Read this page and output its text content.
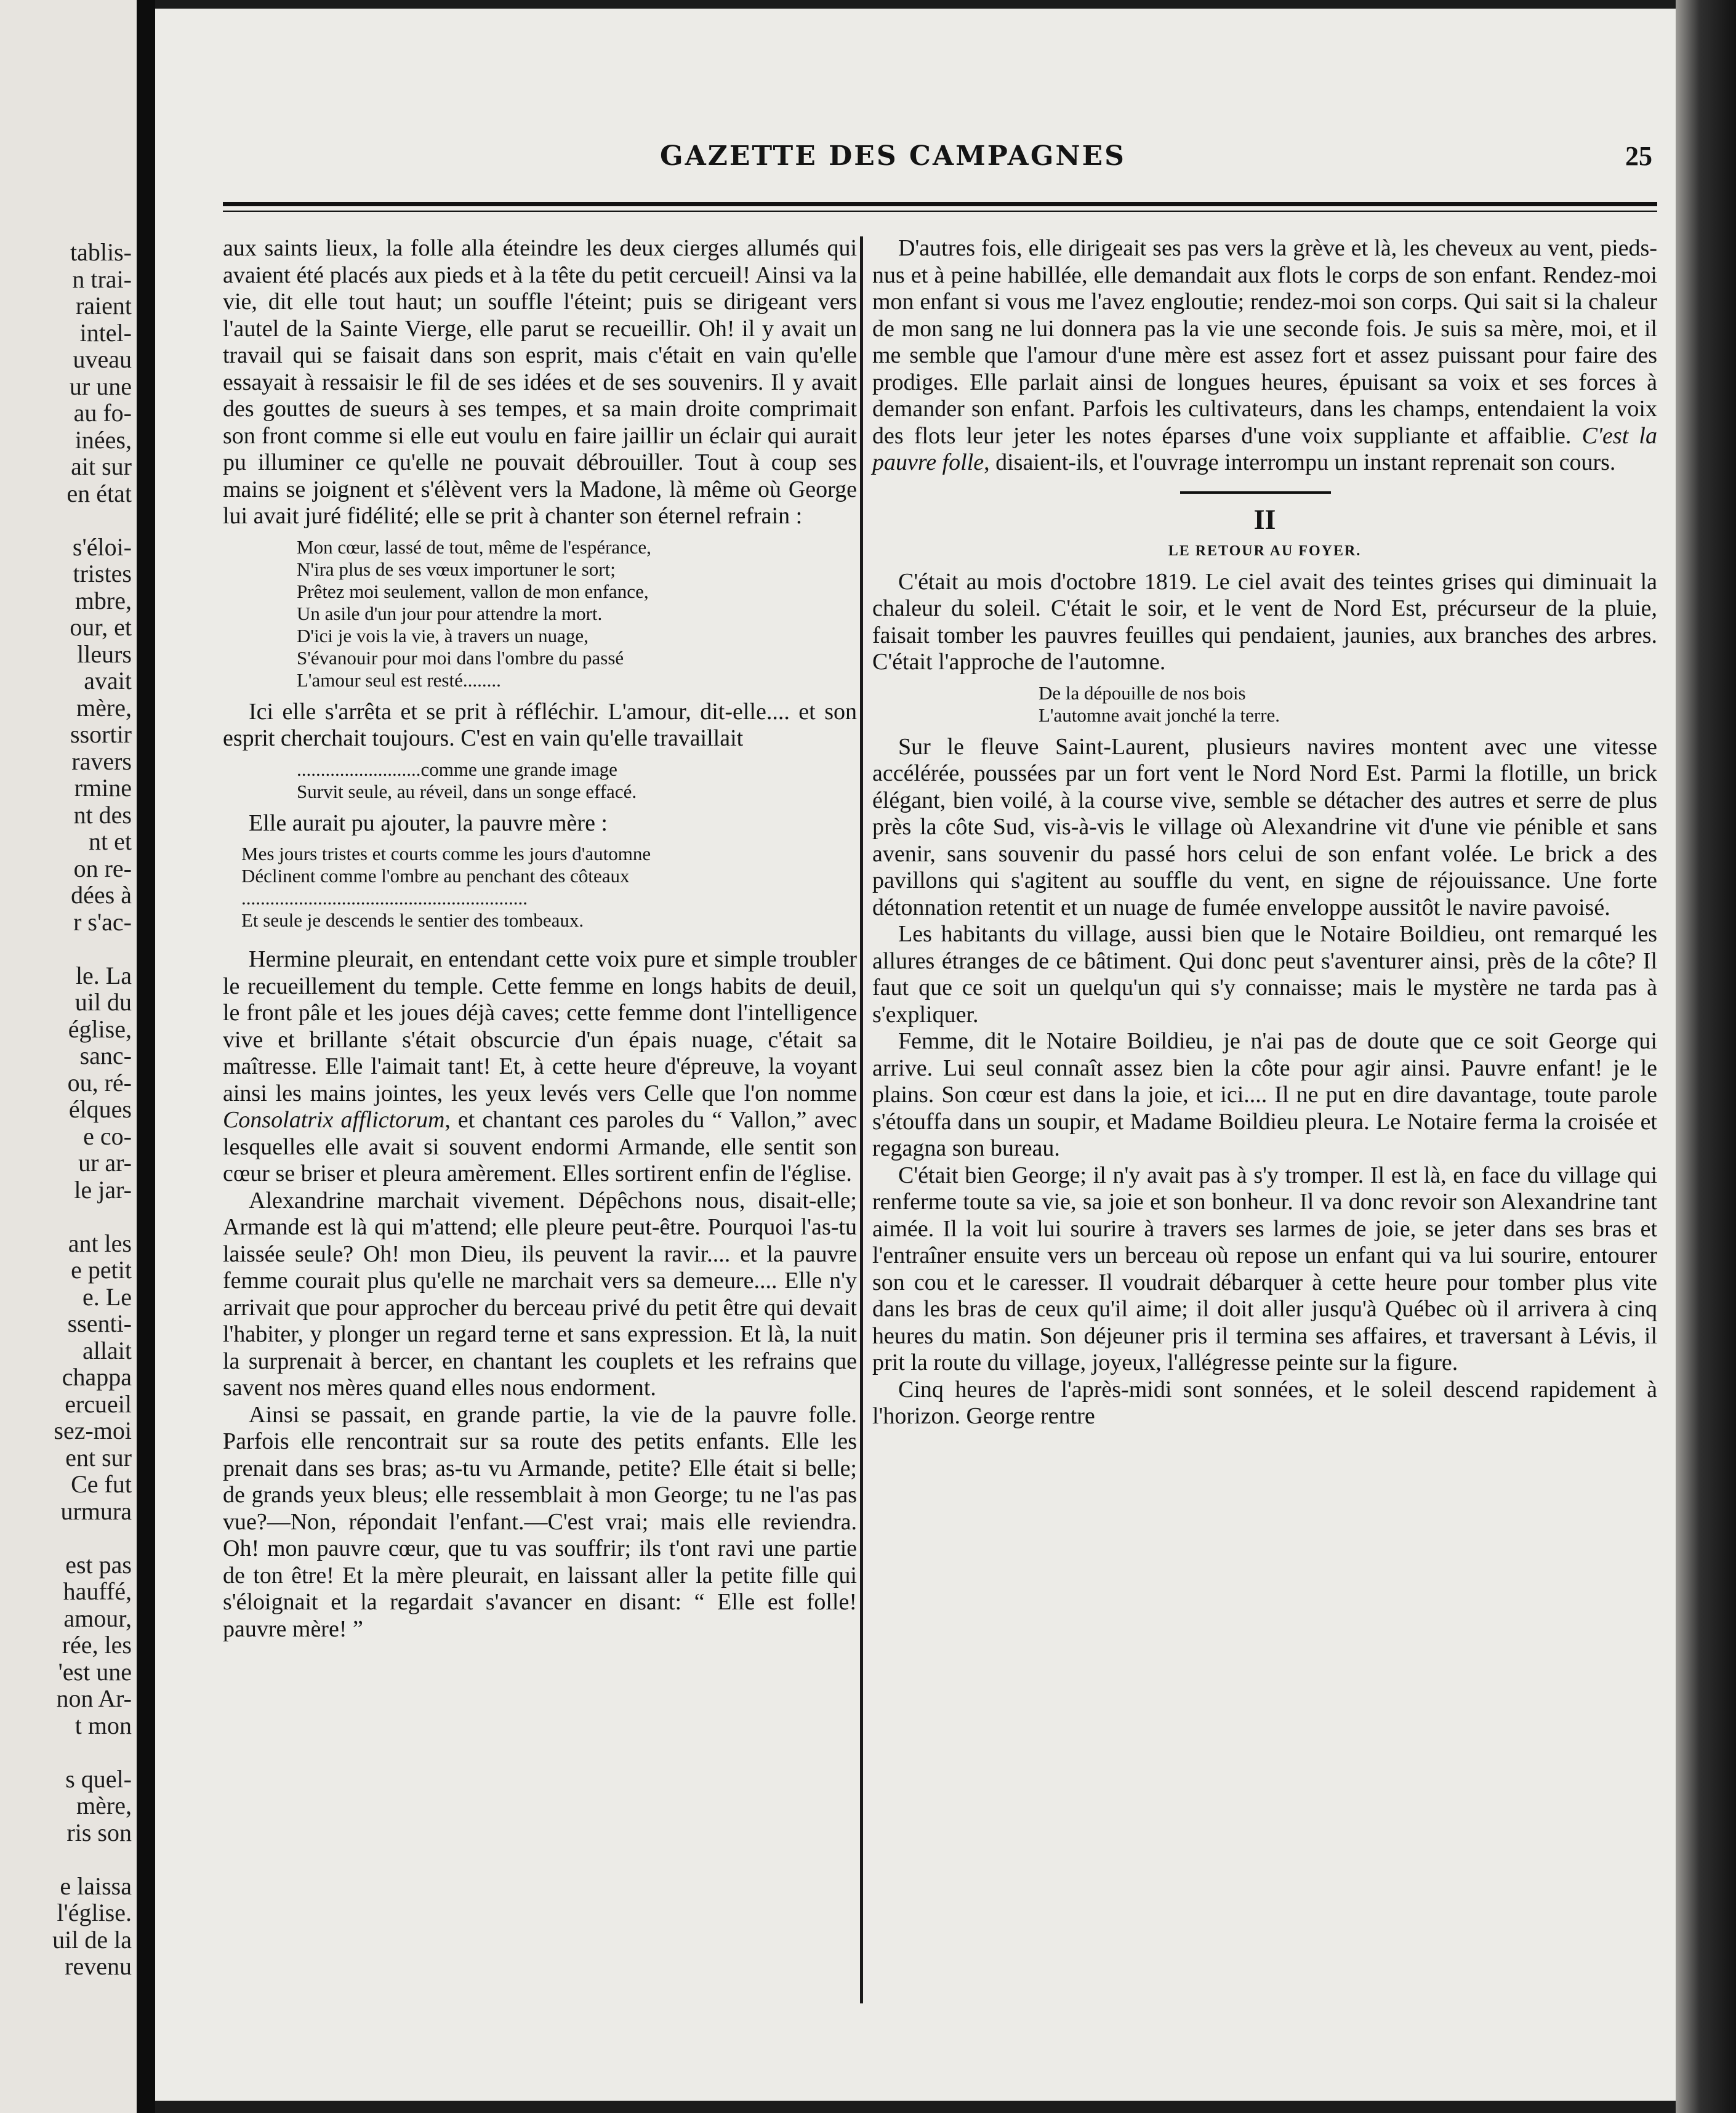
tablis-
n trai-
raient
intel-
uveau
ur une
au fo-
inées,
ait sur
en état
s'éloi-
tristes
mbre,
our, et
lleurs
avait
mère,
ssortir
ravers
rmine
nt des
nt et
on re-
dées à
r s'ac-
le. La
uil du
église,
sanc-
ou, ré-
élques
e co-
ur ar-
le jar-
ant les
e petit
e. Le
ssenti-
allait
chappa
ercueil
sez-moi
ent sur
Ce fut
urmura
est pas
hauffé,
amour,
rée, les
'est une
non Ar-
t mon
s quel-
mère,
ris son
e laissa
l'église.
uil de la
revenu
GAZETTE DES CAMPAGNES	25

aux saints lieux, la folle alla éteindre les deux cierges allumés qui avaient été placés aux pieds et à la tête du petit cercueil! Ainsi va la vie, dit elle tout haut; un souffle l'éteint; puis se dirigeant vers l'autel de la Sainte Vierge, elle parut se recueillir. Oh! il y avait un travail qui se faisait dans son esprit, mais c'était en vain qu'elle essayait à ressaisir le fil de ses idées et de ses souvenirs. Il y avait des gouttes de sueurs à ses tempes, et sa main droite comprimait son front comme si elle eut voulu en faire jaillir un éclair qui aurait pu illuminer ce qu'elle ne pouvait débrouiller. Tout à coup ses mains se joignent et s'élèvent vers la Madone, là même où George lui avait juré fidélité; elle se prit à chanter son éternel refrain :

Mon cœur, lassé de tout, même de l'espérance,
N'ira plus de ses vœux importuner le sort;
Prêtez moi seulement, vallon de mon enfance,
Un asile d'un jour pour attendre la mort.
D'ici je vois la vie, à travers un nuage,
S'évanouir pour moi dans l'ombre du passé
L'amour seul est resté........

Ici elle s'arrêta et se prit à réfléchir. L'amour, dit-elle.... et son esprit cherchait toujours. C'est en vain qu'elle travaillait

..........................comme une grande image
Survit seule, au réveil, dans un songe effacé.

Elle aurait pu ajouter, la pauvre mère :

Mes jours tristes et courts comme les jours d'automne
Déclinent comme l'ombre au penchant des côteaux
............................................................
Et seule je descends le sentier des tombeaux.

Hermine pleurait, en entendant cette voix pure et simple troubler le recueillement du temple. Cette femme en longs habits de deuil, le front pâle et les joues déjà caves; cette femme dont l'intelligence vive et brillante s'était obscurcie d'un épais nuage, c'était sa maîtresse. Elle l'aimait tant! Et, à cette heure d'épreuve, la voyant ainsi les mains jointes, les yeux levés vers Celle que l'on nomme Consolatrix afflictorum, et chantant ces paroles du “ Vallon,” avec lesquelles elle avait si souvent endormi Armande, elle sentit son cœur se briser et pleura amèrement. Elles sortirent enfin de l'église.

Alexandrine marchait vivement. Dépêchons nous, disait-elle; Armande est là qui m'attend; elle pleure peut-être. Pourquoi l'as-tu laissée seule? Oh! mon Dieu, ils peuvent la ravir.... et la pauvre femme courait plus qu'elle ne marchait vers sa demeure.... Elle n'y arrivait que pour approcher du berceau privé du petit être qui devait l'habiter, y plonger un regard terne et sans expression. Et là, la nuit la surprenait à bercer, en chantant les couplets et les refrains que savent nos mères quand elles nous endorment.

Ainsi se passait, en grande partie, la vie de la pauvre folle. Parfois elle rencontrait sur sa route des petits enfants. Elle les prenait dans ses bras; as-tu vu Armande, petite? Elle était si belle; de grands yeux bleus; elle ressemblait à mon George; tu ne l'as pas vue?—Non, répondait l'enfant.—C'est vrai; mais elle reviendra. Oh! mon pauvre cœur, que tu vas souffrir; ils t'ont ravi une partie de ton être! Et la mère pleurait, en laissant aller la petite fille qui s'éloignait et la regardait s'avancer en disant: “ Elle est folle! pauvre mère! ”

D'autres fois, elle dirigeait ses pas vers la grève et là, les cheveux au vent, pieds-nus et à peine habillée, elle demandait aux flots le corps de son enfant. Rendez-moi mon enfant si vous me l'avez engloutie; rendez-moi son corps. Qui sait si la chaleur de mon sang ne lui donnera pas la vie une seconde fois. Je suis sa mère, moi, et il me semble que l'amour d'une mère est assez fort et assez puissant pour faire des prodiges. Elle parlait ainsi de longues heures, épuisant sa voix et ses forces à demander son enfant. Parfois les cultivateurs, dans les champs, entendaient la voix des flots leur jeter les notes éparses d'une voix suppliante et affaiblie. C'est la pauvre folle, disaient-ils, et l'ouvrage interrompu un instant reprenait son cours.

II
LE RETOUR AU FOYER.

C'était au mois d'octobre 1819. Le ciel avait des teintes grises qui diminuait la chaleur du soleil. C'était le soir, et le vent de Nord Est, précurseur de la pluie, faisait tomber les pauvres feuilles qui pendaient, jaunies, aux branches des arbres. C'était l'approche de l'automne.

De la dépouille de nos bois
L'automne avait jonché la terre.

Sur le fleuve Saint-Laurent, plusieurs navires montent avec une vitesse accélérée, poussées par un fort vent le Nord Nord Est. Parmi la flotille, un brick élégant, bien voilé, à la course vive, semble se détacher des autres et serre de plus près la côte Sud, vis-à-vis le village où Alexandrine vit d'une vie pénible et sans avenir, sans souvenir du passé hors celui de son enfant volée. Le brick a des pavillons qui s'agitent au souffle du vent, en signe de réjouissance. Une forte détonnation retentit et un nuage de fumée enveloppe aussitôt le navire pavoisé.

Les habitants du village, aussi bien que le Notaire Boildieu, ont remarqué les allures étranges de ce bâtiment. Qui donc peut s'aventurer ainsi, près de la côte? Il faut que ce soit un quelqu'un qui s'y connaisse; mais le mystère ne tarda pas à s'expliquer.

Femme, dit le Notaire Boildieu, je n'ai pas de doute que ce soit George qui arrive. Lui seul connaît assez bien la côte pour agir ainsi. Pauvre enfant! je le plains. Son cœur est dans la joie, et ici.... Il ne put en dire davantage, toute parole s'étouffa dans un soupir, et Madame Boildieu pleura. Le Notaire ferma la croisée et regagna son bureau.

C'était bien George; il n'y avait pas à s'y tromper. Il est là, en face du village qui renferme toute sa vie, sa joie et son bonheur. Il va donc revoir son Alexandrine tant aimée. Il la voit lui sourire à travers ses larmes de joie, se jeter dans ses bras et l'entraîner ensuite vers un berceau où repose un enfant qui va lui sourire, entourer son cou et le caresser. Il voudrait débarquer à cette heure pour tomber plus vite dans les bras de ceux qu'il aime; il doit aller jusqu'à Québec où il arrivera à cinq heures du matin. Son déjeuner pris il termina ses affaires, et traversant à Lévis, il prit la route du village, joyeux, l'allégresse peinte sur la figure.

Cinq heures de l'après-midi sont sonnées, et le soleil descend rapidement à l'horizon. George rentre
